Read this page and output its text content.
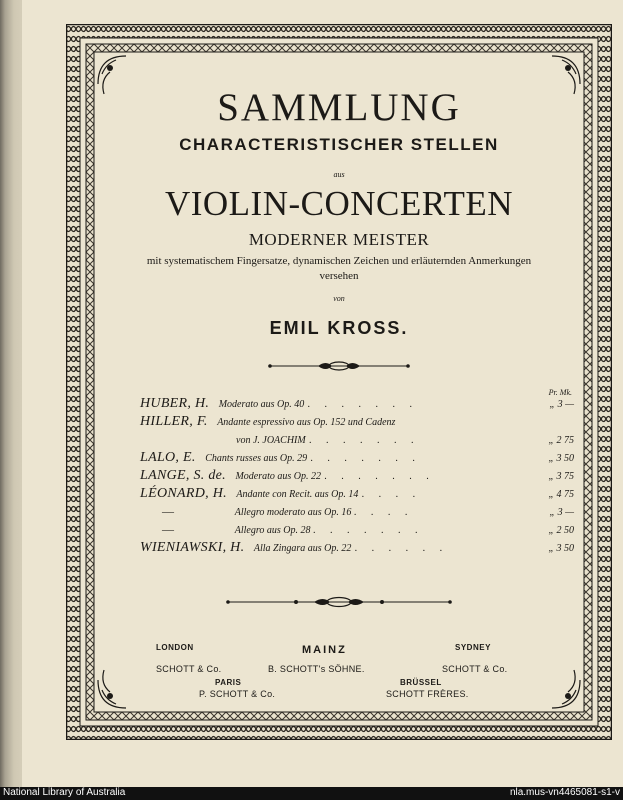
SAMMLUNG
CHARACTERISTISCHER STELLEN
aus
VIOLIN-CONCERTEN
MODERNER MEISTER
mit systematischem Fingersatze, dynamischen Zeichen und erläuternden Anmerkungen
versehen
von
EMIL KROSS.
Pr. Mk.
HUBER, H. Moderato aus Op. 40 . . . . . . .	„ 3 —
HILLER, F. Andante espressivo aus Op. 152 und Cadenz
von J. JOACHIM . . . . . . .	„ 2 75
LALO, E. Chants russes aus Op. 29 . . . . . . .	„ 3 50
LANGE, S. de. Moderato aus Op. 22 . . . . . . .	„ 3 75
LÉONARD, H. Andante con Recit. aus Op. 14 . . . .	„ 4 75
—	Allegro moderato aus Op. 16 . . . .	„ 3 —
—	Allegro aus Op. 28 . . . . . . .	„ 2 50
WIENIAWSKI, H. Alla Zingara aus Op. 22 . . . . . .	„ 3 50
LONDON
SCHOTT & Co.
MAINZ
B. SCHOTT's SÖHNE.
SYDNEY
SCHOTT & Co.
PARIS
P. SCHOTT & Co.
BRÜSSEL
SCHOTT FRÈRES.
National Library of Australia	nla.mus-vn4465081-s1-v
